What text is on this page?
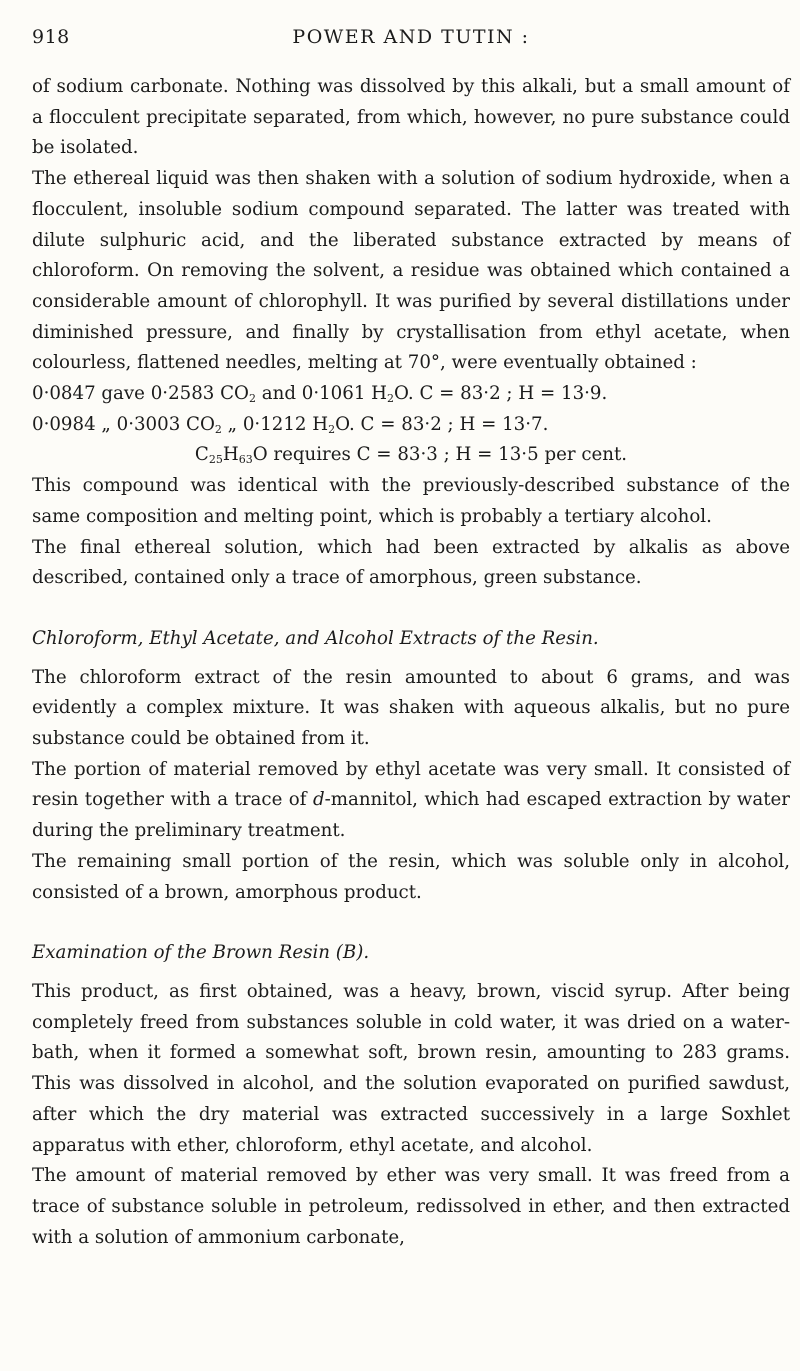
918	POWER AND TUTIN :

of sodium carbonate. Nothing was dissolved by this alkali, but a small amount of a flocculent precipitate separated, from which, however, no pure substance could be isolated.

The ethereal liquid was then shaken with a solution of sodium hydroxide, when a flocculent, insoluble sodium compound separated. The latter was treated with dilute sulphuric acid, and the liberated substance extracted by means of chloroform. On removing the solvent, a residue was obtained which contained a considerable amount of chlorophyll. It was purified by several distillations under diminished pressure, and finally by crystallisation from ethyl acetate, when colourless, flattened needles, melting at 70°, were eventually obtained :

0·0847 gave 0·2583 $CO_2$ and 0·1061 $H_2O$. C = 83·2 ; H = 13·9.

0·0984 „ 0·3003 $CO_2$ „ 0·1212 $H_2O$. C = 83·2 ; H = 13·7.

$C_{25}H_{63}O$ requires C = 83·3 ; H = 13·5 per cent.

This compound was identical with the previously-described substance of the same composition and melting point, which is probably a tertiary alcohol.

The final ethereal solution, which had been extracted by alkalis as above described, contained only a trace of amorphous, green substance.

Chloroform, Ethyl Acetate, and Alcohol Extracts of the Resin.

The chloroform extract of the resin amounted to about 6 grams, and was evidently a complex mixture. It was shaken with aqueous alkalis, but no pure substance could be obtained from it.

The portion of material removed by ethyl acetate was very small. It consisted of resin together with a trace of d-mannitol, which had escaped extraction by water during the preliminary treatment.

The remaining small portion of the resin, which was soluble only in alcohol, consisted of a brown, amorphous product.

Examination of the Brown Resin (B).

This product, as first obtained, was a heavy, brown, viscid syrup. After being completely freed from substances soluble in cold water, it was dried on a water-bath, when it formed a somewhat soft, brown resin, amounting to 283 grams. This was dissolved in alcohol, and the solution evaporated on purified sawdust, after which the dry material was extracted successively in a large Soxhlet apparatus with ether, chloroform, ethyl acetate, and alcohol.

The amount of material removed by ether was very small. It was freed from a trace of substance soluble in petroleum, redissolved in ether, and then extracted with a solution of ammonium carbonate,
